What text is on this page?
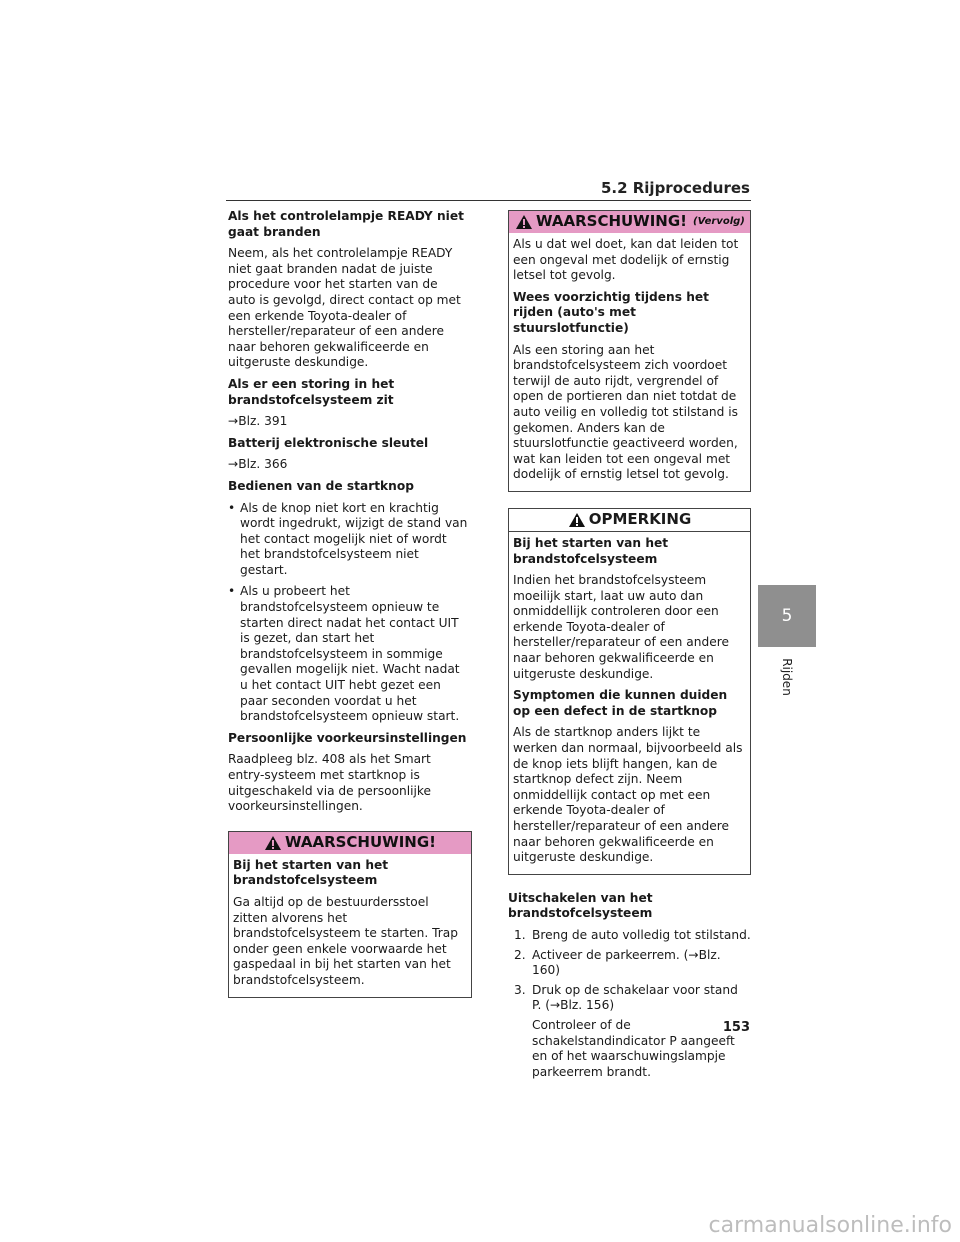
5.2 Rijprocedures
5
Rijden
Als het controlelampje READY niet gaat branden

Neem, als het controlelampje READY niet gaat branden nadat de juiste procedure voor het starten van de auto is gevolgd, direct contact op met een erkende Toyota-dealer of hersteller/reparateur of een andere naar behoren gekwalificeerde en uitgeruste deskundige.

Als er een storing in het brandstofcelsysteem zit

→Blz. 391

Batterij elektronische sleutel

→Blz. 366

Bedienen van de startknop
• Als de knop niet kort en krachtig wordt ingedrukt, wijzigt de stand van het contact mogelijk niet of wordt het brandstofcelsysteem niet gestart.
• Als u probeert het brandstofcelsysteem opnieuw te starten direct nadat het contact UIT is gezet, dan start het brandstofcelsysteem in sommige gevallen mogelijk niet. Wacht nadat u het contact UIT hebt gezet een paar seconden voordat u het brandstofcelsysteem opnieuw start.
Persoonlijke voorkeursinstellingen

Raadpleeg blz. 408 als het Smart entry-systeem met startknop is uitgeschakeld via de persoonlijke voorkeursinstellingen.

WAARSCHUWING!
Bij het starten van het brandstofcelsysteem

Ga altijd op de bestuurdersstoel zitten alvorens het brandstofcelsysteem te starten. Trap onder geen enkele voorwaarde het gaspedaal in bij het starten van het brandstofcelsysteem.

WAARSCHUWING! (Vervolg)

Als u dat wel doet, kan dat leiden tot een ongeval met dodelijk of ernstig letsel tot gevolg.

Wees voorzichtig tijdens het rijden (auto's met stuurslotfunctie)

Als een storing aan het brandstofcelsysteem zich voordoet terwijl de auto rijdt, vergrendel of open de portieren dan niet totdat de auto veilig en volledig tot stilstand is gekomen. Anders kan de stuurslotfunctie geactiveerd worden, wat kan leiden tot een ongeval met dodelijk of ernstig letsel tot gevolg.

OPMERKING
Bij het starten van het brandstofcelsysteem

Indien het brandstofcelsysteem moeilijk start, laat uw auto dan onmiddellijk controleren door een erkende Toyota-dealer of hersteller/reparateur of een andere naar behoren gekwalificeerde en uitgeruste deskundige.

Symptomen die kunnen duiden op een defect in de startknop

Als de startknop anders lijkt te werken dan normaal, bijvoorbeeld als de knop iets blijft hangen, kan de startknop defect zijn. Neem onmiddellijk contact op met een erkende Toyota-dealer of hersteller/reparateur of een andere naar behoren gekwalificeerde en uitgeruste deskundige.

Uitschakelen van het brandstofcelsysteem
1. Breng de auto volledig tot stilstand.
2. Activeer de parkeerrem. (→Blz. 160)
3. Druk op de schakelaar voor stand P. (→Blz. 156)
Controleer of de schakelstandindicator P aangeeft en of het waarschuwingslampje parkeerrem brandt.
153
carmanualsonline.info
